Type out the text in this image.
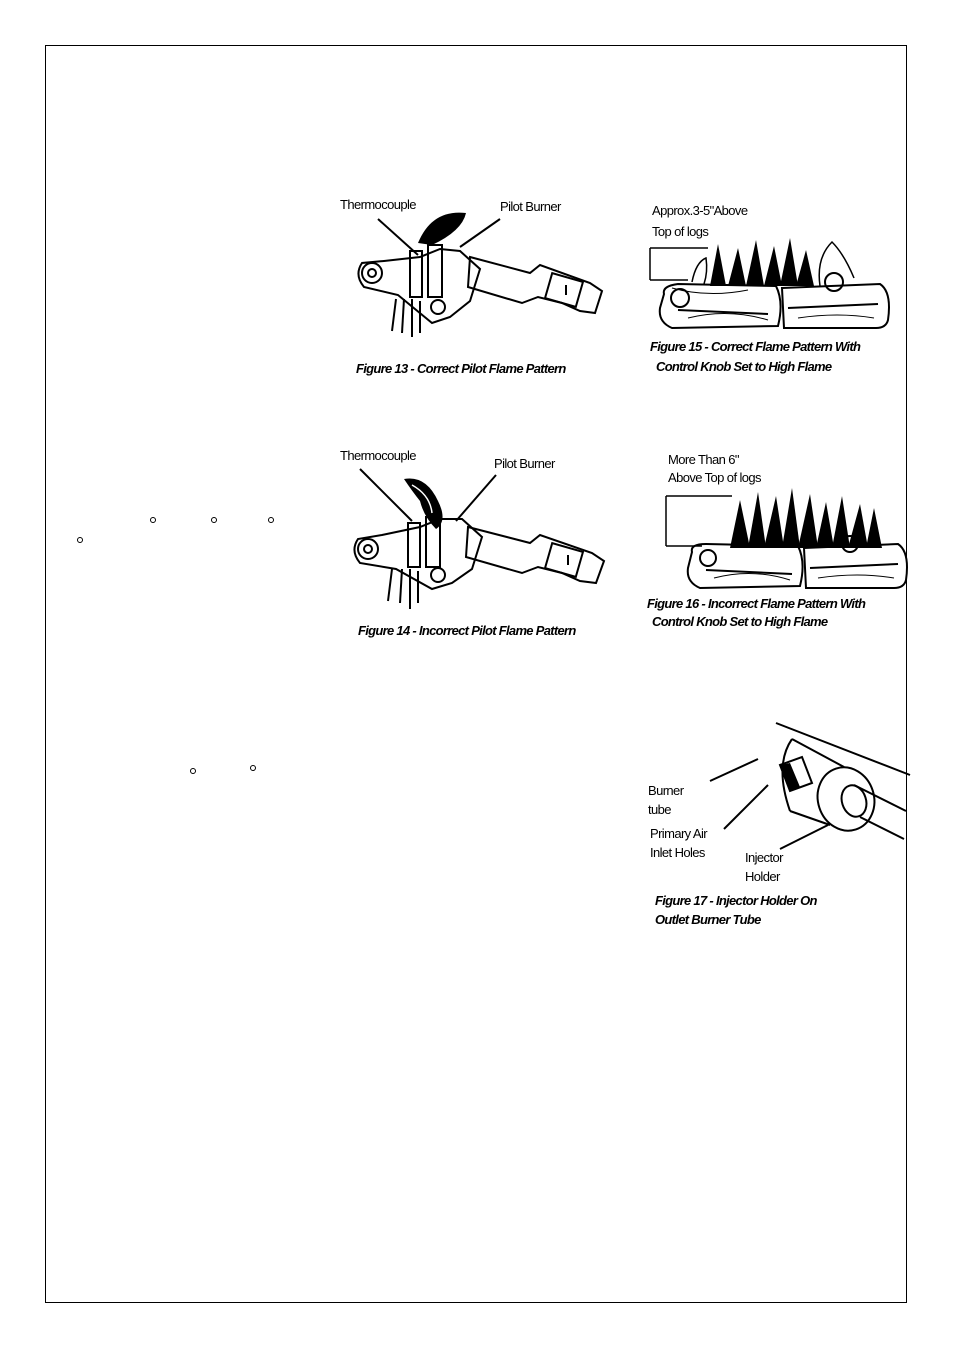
Thermocouple	Pilot Burner
Figure 13 - Correct Pilot Flame Pattern
Thermocouple
Pilot Burner
Figure 14 - Incorrect Pilot Flame Pattern
Approx.3-5"Above
Top of logs
Figure 15 - Correct Flame Pattern With
Control Knob Set to High Flame
More Than 6"
Above Top of logs
Figure 16 - Incorrect Flame Pattern With
Control Knob Set to High Flame
Burner
tube
Primary Air
Inlet Holes	Injector
Holder
Figure 17 - Injector Holder On
Outlet Burner Tube
